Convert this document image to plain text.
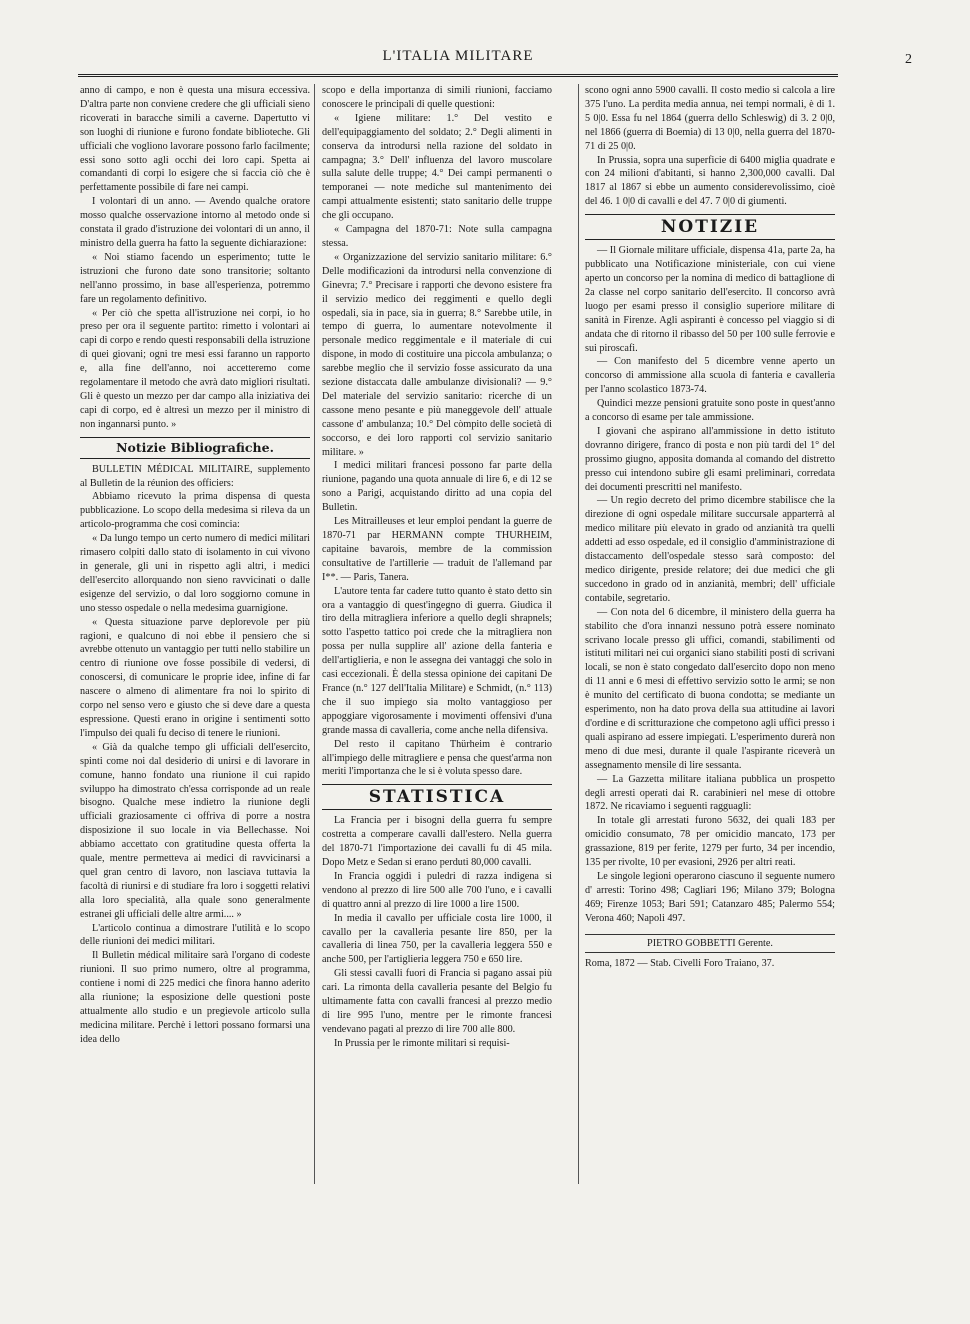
L'ITALIA MILITARE	2

anno di campo, e non è questa una misura eccessiva. D'altra parte non conviene credere che gli ufficiali sieno ricoverati in baracche simili a caverne. Dapertutto vi son luoghi di riunione e furono fondate biblioteche. Gli ufficiali che vogliono lavorare possono farlo facilmente; essi sono sotto agli occhi dei loro capi. Spetta ai comandanti di corpi lo esigere che si faccia ciò che è perfettamente possibile di fare nei campi.

I volontari di un anno. — Avendo qualche oratore mosso qualche osservazione intorno al metodo onde si constata il grado d'istruzione dei volontari di un anno, il ministro della guerra ha fatto la seguente dichiarazione:

« Noi stiamo facendo un esperimento; tutte le istruzioni che furono date sono transitorie; soltanto nell'anno prossimo, in base all'esperienza, potremmo fare un regolamento definitivo.

« Per ciò che spetta all'istruzione nei corpi, io ho preso per ora il seguente partito: rimetto i volontari ai capi di corpo e rendo questi responsabili della istruzione di quei giovani; ogni tre mesi essi faranno un rapporto e, alla fine dell'anno, noi accetteremo come regolamentare il metodo che avrà dato migliori risultati. Gli è questo un mezzo per dar campo alla iniziativa dei capi di corpo, ed è altresì un mezzo per il ministro di non ingannarsi punto. »

Notizie Bibliografiche.

BULLETIN MÉDICAL MILITAIRE, supplemento al Bulletin de la réunion des officiers:

Abbiamo ricevuto la prima dispensa di questa pubblicazione. Lo scopo della medesima si rileva da un articolo-programma che così comincia:

« Da lungo tempo un certo numero di medici militari rimasero colpiti dallo stato di isolamento in cui vivono in generale, gli uni in rispetto agli altri, i medici dell'esercito allorquando non sieno ravvicinati o dalle esigenze del servizio, o dal loro soggiorno comune in uno stesso ospedale o nella medesima guarnigione.

« Questa situazione parve deplorevole per più ragioni, e qualcuno di noi ebbe il pensiero che si avrebbe ottenuto un vantaggio per tutti nello stabilire un centro di riunione ove fosse possibile di vedersi, di conoscersi, di comunicare le proprie idee, infine di far nascere o almeno di alimentare fra noi lo spirito di corpo nel senso vero e giusto che si deve dare a questa espressione. Questi erano in origine i sentimenti sotto l'impulso dei quali fu deciso di tenere le riunioni.

« Già da qualche tempo gli ufficiali dell'esercito, spinti come noi dal desiderio di unirsi e di lavorare in comune, hanno fondato una riunione il cui rapido sviluppo ha dimostrato ch'essa corrisponde ad un reale bisogno. Qualche mese indietro la riunione degli ufficiali graziosamente ci offriva di porre a nostra disposizione il suo locale in via Bellechasse. Noi abbiamo accettato con gratitudine questa offerta la quale, mentre permetteva ai medici di ravvicinarsi a quel gran centro di lavoro, non lasciava tuttavia la facoltà di riunirsi e di studiare fra loro i soggetti relativi alla loro specialità, alla quale sono generalmente estranei gli ufficiali delle altre armi.... »

L'articolo continua a dimostrare l'utilità e lo scopo delle riunioni dei medici militari.

Il Bulletin médical militaire sarà l'organo di codeste riunioni. Il suo primo numero, oltre al programma, contiene i nomi di 225 medici che finora hanno aderito alla riunione; la esposizione delle questioni poste attualmente allo studio e un pregievole articolo sulla medicina militare. Perchè i lettori possano formarsi una idea dello

scopo e della importanza di simili riunioni, facciamo conoscere le principali di quelle questioni:

« Igiene militare: 1.° Del vestito e dell'equipaggiamento del soldato; 2.° Degli alimenti in conserva da introdursi nella razione del soldato in campagna; 3.° Dell' influenza del lavoro muscolare sulla salute delle truppe; 4.° Dei campi permanenti o temporanei — note mediche sul mantenimento dei campi attualmente esistenti; stato sanitario delle truppe che gli occupano.

« Campagna del 1870-71: Note sulla campagna stessa.

« Organizzazione del servizio sanitario militare: 6.° Delle modificazioni da introdursi nella convenzione di Ginevra; 7.° Precisare i rapporti che devono esistere fra il servizio medico dei reggimenti e quello degli ospedali, sia in pace, sia in guerra; 8.° Sarebbe utile, in tempo di guerra, lo aumentare notevolmente il personale medico reggimentale e il materiale di cui dispone, in modo di costituire una piccola ambulanza; o sarebbe meglio che il servizio fosse assicurato da una sezione distaccata dalle ambulanze divisionali? — 9.° Del materiale del servizio sanitario: ricerche di un cassone meno pesante e più maneggevole dell' attuale cassone d' ambulanza; 10.° Del còmpito delle società di soccorso, e dei loro rapporti col servizio sanitario militare. »

I medici militari francesi possono far parte della riunione, pagando una quota annuale di lire 6, e di 12 se sono a Parigi, acquistando diritto ad una copia del Bulletin.

Les Mitrailleuses et leur emploi pendant la guerre de 1870-71 par HERMANN compte THURHEIM, capitaine bavarois, membre de la commission consultative de l'artillerie — traduit de l'allemand par I**. — Paris, Tanera.

L'autore tenta far cadere tutto quanto è stato detto sin ora a vantaggio di quest'ingegno di guerra. Giudica il tiro della mitragliera inferiore a quello degli shrapnels; sotto l'aspetto tattico poi crede che la mitragliera non possa per nulla supplire all' azione della fanteria e dell'artiglieria, e non le assegna dei vantaggi che solo in casi eccezionali. È della stessa opinione dei capitani De France (n.° 127 dell'Italia Militare) e Schmidt, (n.° 113) che il suo impiego sia molto vantaggioso per appoggiare vigorosamente i movimenti offensivi d'una grande massa di cavalleria, come anche nella difensiva.

Del resto il capitano Thürheim è contrario all'impiego delle mitragliere e pensa che quest'arma non meriti l'importanza che le si è voluta spesso dare.

STATISTICA

La Francia per i bisogni della guerra fu sempre costretta a comperare cavalli dall'estero. Nella guerra del 1870-71 l'importazione dei cavalli fu di 45 mila. Dopo Metz e Sedan si erano perduti 80,000 cavalli.

In Francia oggidì i puledri di razza indigena si vendono al prezzo di lire 500 alle 700 l'uno, e i cavalli di quattro anni al prezzo di lire 1000 a lire 1500.

In media il cavallo per ufficiale costa lire 1000, il cavallo per la cavalleria pesante lire 850, per la cavalleria di linea 750, per la cavalleria leggera 550 e anche 500, per l'artiglieria leggera 750 e 650 lire.

Gli stessi cavalli fuori di Francia si pagano assai più cari. La rimonta della cavalleria pesante del Belgio fu ultimamente fatta con cavalli francesi al prezzo medio di lire 995 l'uno, mentre per le rimonte francesi vendevano pagati al prezzo di lire 700 alle 800.

In Prussia per le rimonte militari si requisi-

scono ogni anno 5900 cavalli. Il costo medio si calcola a lire 375 l'uno. La perdita media annua, nei tempi normali, è di 1. 5 0|0. Essa fu nel 1864 (guerra dello Schleswig) di 3. 2 0|0, nel 1866 (guerra di Boemia) di 13 0|0, nella guerra del 1870-71 di 25 0|0.

In Prussia, sopra una superficie di 6400 miglia quadrate e con 24 milioni d'abitanti, si hanno 2,300,000 cavalli. Dal 1817 al 1867 si ebbe un aumento considerevolissimo, cioè del 46. 1 0|0 di cavalli e del 47. 7 0|0 di giumenti.

NOTIZIE

— Il Giornale militare ufficiale, dispensa 41a, parte 2a, ha pubblicato una Notificazione ministeriale, con cui viene aperto un concorso per la nomina di medico di battaglione di 2a classe nel corpo sanitario dell'esercito. Il concorso avrà luogo per esami presso il consiglio superiore militare di sanità in Firenze. Agli aspiranti è concesso pel viaggio si di andata che di ritorno il ribasso del 50 per 100 sulle ferrovie e sui piroscafi.

— Con manifesto del 5 dicembre venne aperto un concorso di ammissione alla scuola di fanteria e cavalleria per l'anno scolastico 1873-74.

Quindici mezze pensioni gratuite sono poste in quest'anno a concorso di esame per tale ammissione.

I giovani che aspirano all'ammissione in detto istituto dovranno dirigere, franco di posta e non più tardi del 1° del prossimo giugno, apposita domanda al comando del distretto presso cui intendono subire gli esami preliminari, corredata dei documenti prescritti nel manifesto.

— Un regio decreto del primo dicembre stabilisce che la direzione di ogni ospedale militare succursale apparterrà al medico militare più elevato in grado od anzianità tra quelli addetti ad esso ospedale, ed il consiglio d'amministrazione di distaccamento dell'ospedale stesso sarà composto: del medico dirigente, preside relatore; dei due medici che gli succedono in grado od in anzianità, membri; dell' ufficiale contabile, segretario.

— Con nota del 6 dicembre, il ministero della guerra ha stabilito che d'ora innanzi nessuno potrà essere nominato scrivano locale presso gli uffici, comandi, stabilimenti od istituti militari nei cui organici siano stabiliti posti di scrivani locali, se non è stato congedato dall'esercito dopo non meno di 11 anni e 6 mesi di effettivo servizio sotto le armi; se non è munito del certificato di buona condotta; se mediante un esperimento, non ha dato prova della sua attitudine ai lavori d'ordine e di scritturazione che competono agli uffici presso i quali aspirano ad essere impiegati. L'esperimento durerà non meno di due mesi, durante il quale l'aspirante riceverà un assegnamento mensile di lire sessanta.

— La Gazzetta militare italiana pubblica un prospetto degli arresti operati dai R. carabinieri nel mese di ottobre 1872. Ne ricaviamo i seguenti ragguagli:

In totale gli arrestati furono 5632, dei quali 183 per omicidio consumato, 78 per omicidio mancato, 173 per grassazione, 819 per ferite, 1279 per furto, 34 per incendio, 135 per rivolte, 10 per evasioni, 2926 per altri reati.

Le singole legioni operarono ciascuno il seguente numero d' arresti: Torino 498; Cagliari 196; Milano 379; Bologna 469; Firenze 1053; Bari 591; Catanzaro 485; Palermo 554; Verona 460; Napoli 497.

PIETRO GOBBETTI Gerente.

Roma, 1872 — Stab. Civelli Foro Traiano, 37.
